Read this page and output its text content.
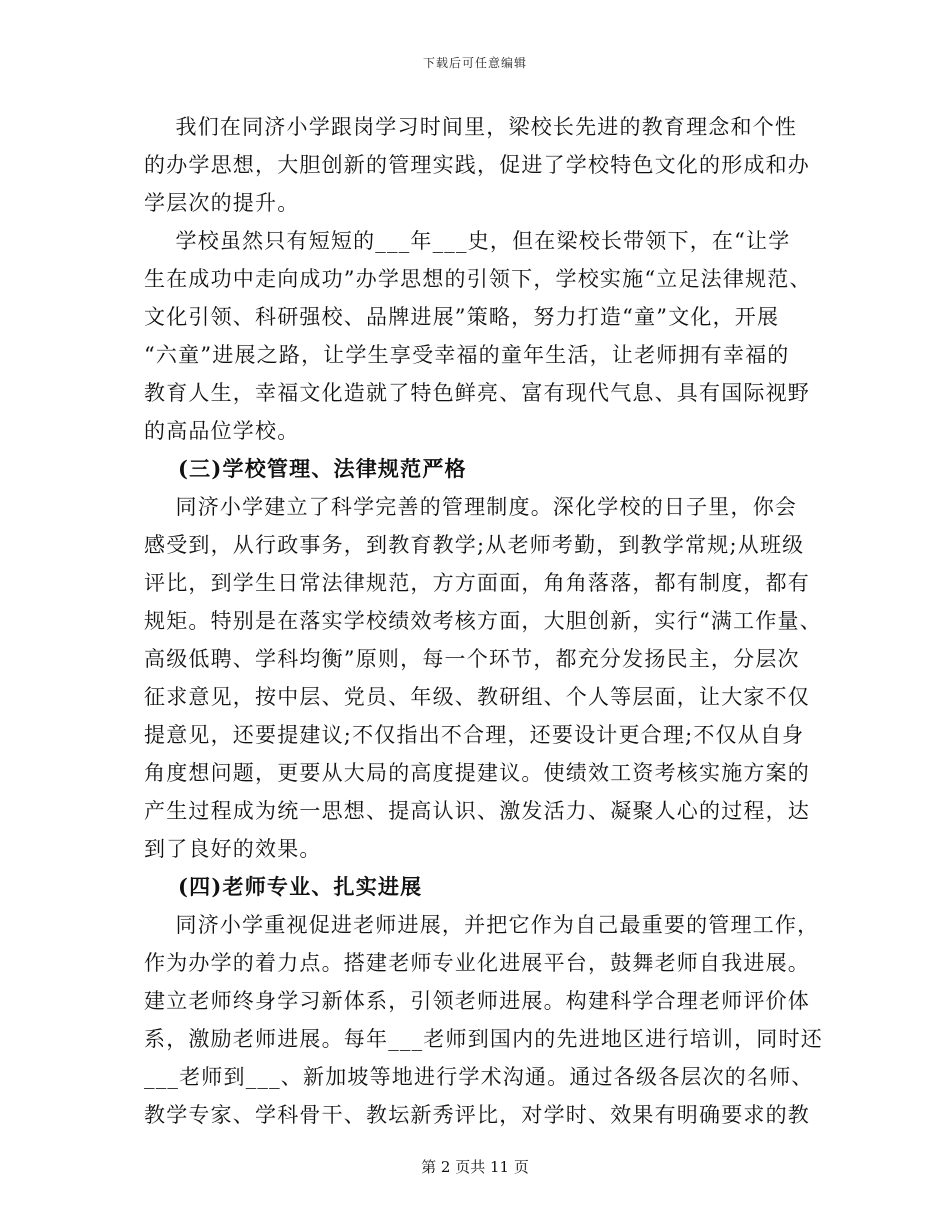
下载后可任意编辑
我们在同济小学跟岗学习时间里，梁校长先进的教育理念和个性
的办学思想，大胆创新的管理实践，促进了学校特色文化的形成和办
学层次的提升。
学校虽然只有短短的___年___史，但在梁校长带领下，在“让学
生在成功中走向成功”办学思想的引领下，学校实施“立足法律规范、
文化引领、科研强校、品牌进展”策略，努力打造“童”文化，开展
“六童”进展之路，让学生享受幸福的童年生活，让老师拥有幸福的
教育人生，幸福文化造就了特色鲜亮、富有现代气息、具有国际视野
的高品位学校。
(三)学校管理、法律规范严格
同济小学建立了科学完善的管理制度。深化学校的日子里，你会
感受到，从行政事务，到教育教学;从老师考勤，到教学常规;从班级
评比，到学生日常法律规范，方方面面，角角落落，都有制度，都有
规矩。特别是在落实学校绩效考核方面，大胆创新，实行“满工作量、
高级低聘、学科均衡”原则，每一个环节，都充分发扬民主，分层次
征求意见，按中层、党员、年级、教研组、个人等层面，让大家不仅
提意见，还要提建议;不仅指出不合理，还要设计更合理;不仅从自身
角度想问题，更要从大局的高度提建议。使绩效工资考核实施方案的
产生过程成为统一思想、提高认识、激发活力、凝聚人心的过程，达
到了良好的效果。
(四)老师专业、扎实进展
同济小学重视促进老师进展，并把它作为自己最重要的管理工作，
作为办学的着力点。搭建老师专业化进展平台，鼓舞老师自我进展。
建立老师终身学习新体系，引领老师进展。构建科学合理老师评价体
系，激励老师进展。每年___老师到国内的先进地区进行培训，同时还
___老师到___、新加坡等地进行学术沟通。通过各级各层次的名师、
教学专家、学科骨干、教坛新秀评比，对学时、效果有明确要求的教
第 2 页共 11 页
